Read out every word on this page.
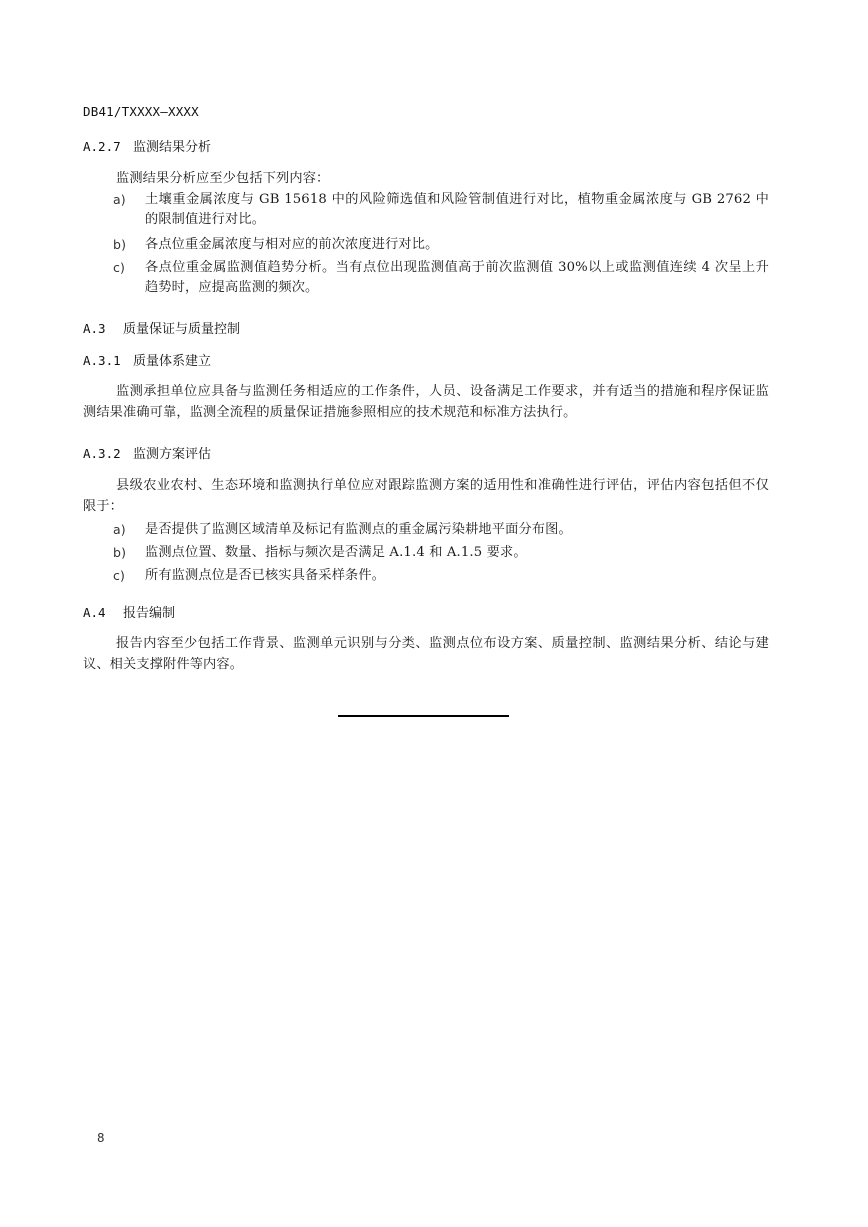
DB41/TXXXX—XXXX
A.2.7 监测结果分析
监测结果分析应至少包括下列内容：
a) 土壤重金属浓度与 GB 15618 中的风险筛选值和风险管制值进行对比，植物重金属浓度与 GB 2762 中的限制值进行对比。
b) 各点位重金属浓度与相对应的前次浓度进行对比。
c) 各点位重金属监测值趋势分析。当有点位出现监测值高于前次监测值 30%以上或监测值连续 4 次呈上升趋势时，应提高监测的频次。
A.3 质量保证与质量控制
A.3.1 质量体系建立
监测承担单位应具备与监测任务相适应的工作条件，人员、设备满足工作要求，并有适当的措施和程序保证监测结果准确可靠，监测全流程的质量保证措施参照相应的技术规范和标准方法执行。
A.3.2 监测方案评估
县级农业农村、生态环境和监测执行单位应对跟踪监测方案的适用性和准确性进行评估，评估内容包括但不仅限于：
a) 是否提供了监测区域清单及标记有监测点的重金属污染耕地平面分布图。
b) 监测点位置、数量、指标与频次是否满足 A.1.4 和 A.1.5 要求。
c) 所有监测点位是否已核实具备采样条件。
A.4 报告编制
报告内容至少包括工作背景、监测单元识别与分类、监测点位布设方案、质量控制、监测结果分析、结论与建议、相关支撑附件等内容。
8
